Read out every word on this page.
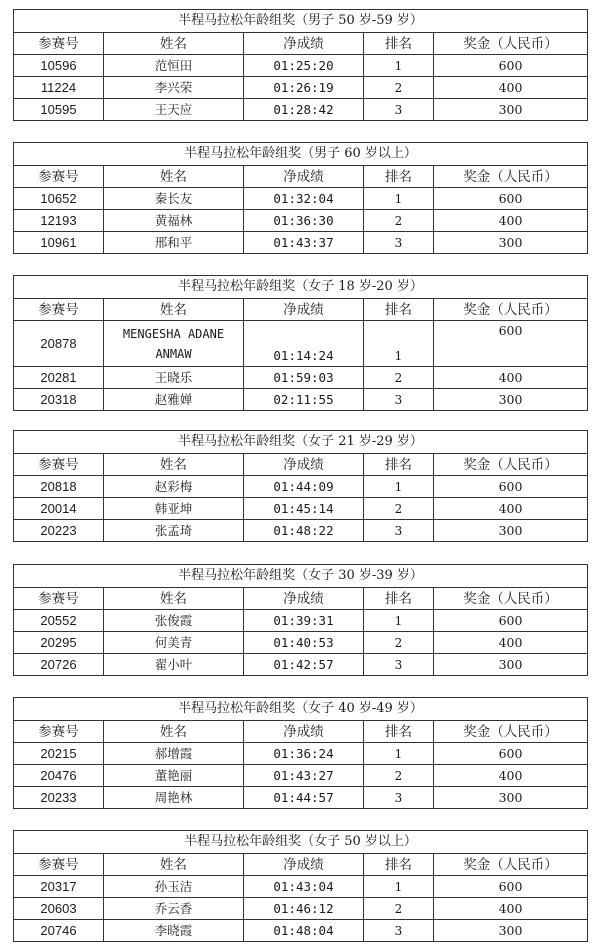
半程马拉松年龄组奖（男子 50 岁-59 岁）				
参赛号	姓名	净成绩	排名	奖金（人民币）
10596	范恒田	01:25:20	1	600
11224	李兴荣	01:26:19	2	400
10595	王天应	01:28:42	3	300
半程马拉松年龄组奖（男子 60 岁以上）				
参赛号	姓名	净成绩	排名	奖金（人民币）
10652	秦长友	01:32:04	1	600
12193	黄福林	01:36:30	2	400
10961	邢和平	01:43:37	3	300
半程马拉松年龄组奖（女子 18 岁-20 岁）				
参赛号	姓名	净成绩	排名	奖金（人民币）
20878	MENGESHA ADANE ANMAW	01:14:24	1	600
20281	王晓乐	01:59:03	2	400
20318	赵雅婵	02:11:55	3	300
半程马拉松年龄组奖（女子 21 岁-29 岁）				
参赛号	姓名	净成绩	排名	奖金（人民币）
20818	赵彩梅	01:44:09	1	600
20014	韩亚坤	01:45:14	2	400
20223	张孟琦	01:48:22	3	300
半程马拉松年龄组奖（女子 30 岁-39 岁）				
参赛号	姓名	净成绩	排名	奖金（人民币）
20552	张俊霞	01:39:31	1	600
20295	何美青	01:40:53	2	400
20726	翟小叶	01:42:57	3	300
半程马拉松年龄组奖（女子 40 岁-49 岁）				
参赛号	姓名	净成绩	排名	奖金（人民币）
20215	郝增霞	01:36:24	1	600
20476	董艳丽	01:43:27	2	400
20233	周艳林	01:44:57	3	300
半程马拉松年龄组奖（女子 50 岁以上）				
参赛号	姓名	净成绩	排名	奖金（人民币）
20317	孙玉洁	01:43:04	1	600
20603	乔云香	01:46:12	2	400
20746	李晓霞	01:48:04	3	300
